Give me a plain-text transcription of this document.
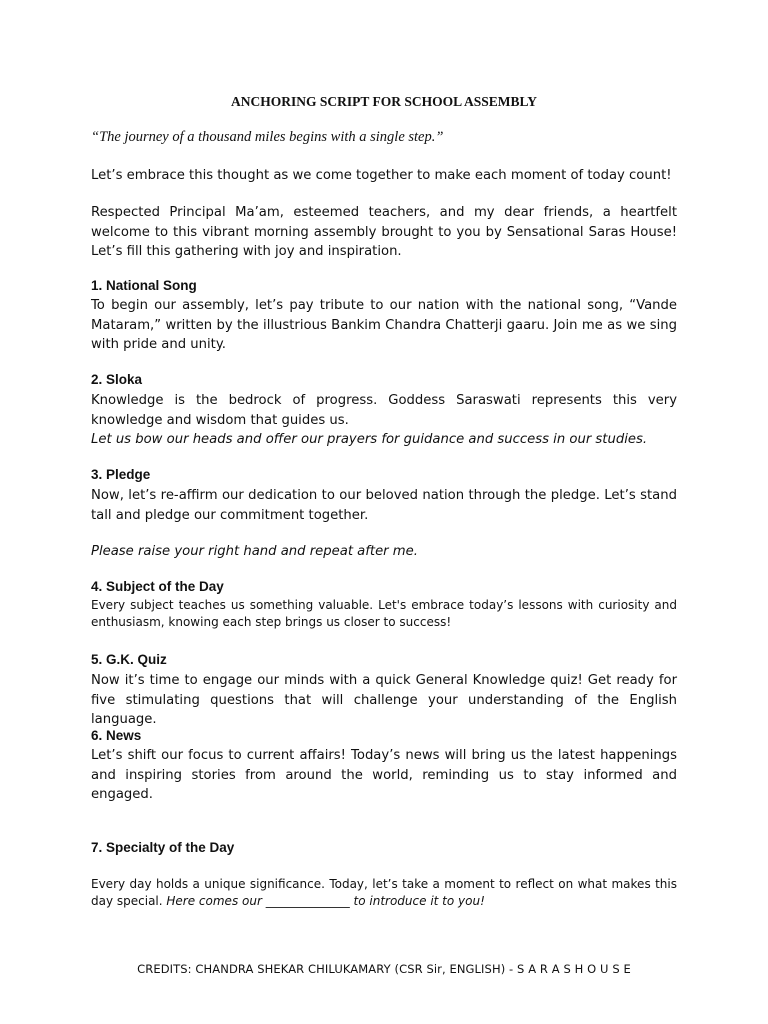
ANCHORING SCRIPT FOR SCHOOL ASSEMBLY
“The journey of a thousand miles begins with a single step.”
Let’s embrace this thought as we come together to make each moment of today count!
Respected Principal Ma’am, esteemed teachers, and my dear friends, a heartfelt welcome to this vibrant morning assembly brought to you by Sensational Saras House! Let’s fill this gathering with joy and inspiration.
1. National Song
To begin our assembly, let’s pay tribute to our nation with the national song, “Vande Mataram,” written by the illustrious Bankim Chandra Chatterji gaaru. Join me as we sing with pride and unity.
2. Sloka
Knowledge is the bedrock of progress. Goddess Saraswati represents this very knowledge and wisdom that guides us.
Let us bow our heads and offer our prayers for guidance and success in our studies.
3. Pledge
Now, let’s re-affirm our dedication to our beloved nation through the pledge. Let’s stand tall and pledge our commitment together.
Please raise your right hand and repeat after me.
4. Subject of the Day
Every subject teaches us something valuable. Let's embrace today’s lessons with curiosity and enthusiasm, knowing each step brings us closer to success!
5. G.K. Quiz
Now it’s time to engage our minds with a quick General Knowledge quiz! Get ready for five stimulating questions that will challenge your understanding of the English language.
6. News
Let’s shift our focus to current affairs! Today’s news will bring us the latest happenings and inspiring stories from around the world, reminding us to stay informed and engaged.
7. Specialty of the Day
Every day holds a unique significance. Today, let’s take a moment to reflect on what makes this day special. Here comes our ______________ to introduce it to you!
CREDITS: CHANDRA SHEKAR CHILUKAMARY (CSR Sir, ENGLISH) - S A R A S H O U S E
